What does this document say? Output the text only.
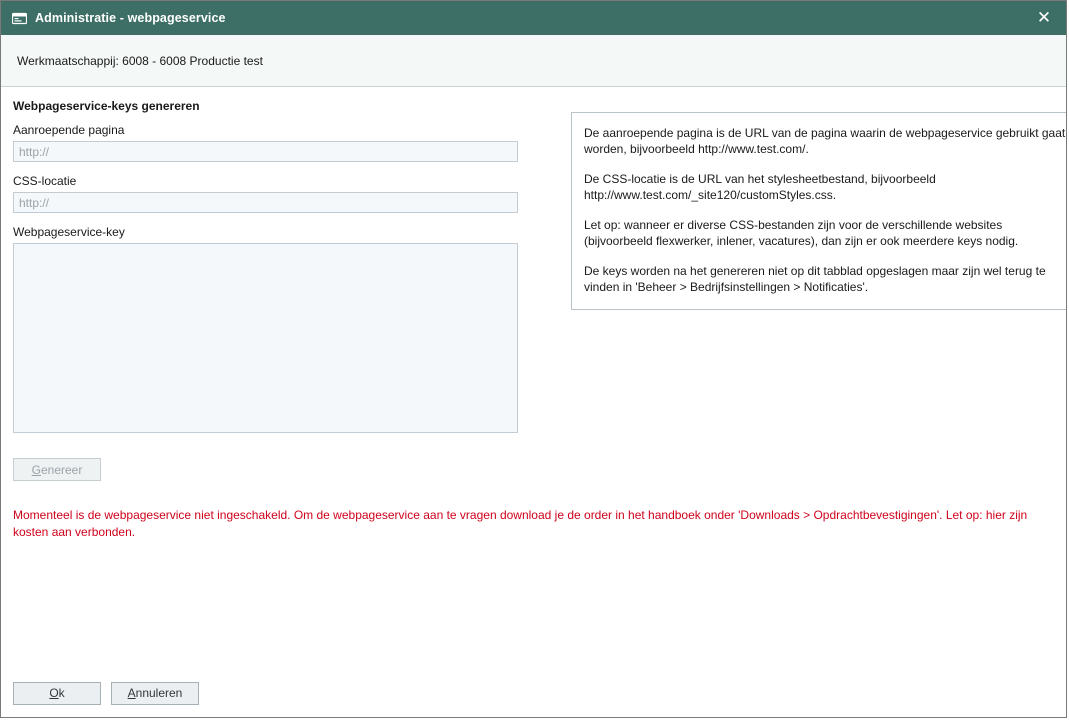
Administratie - webpageservice	✕
Werkmaatschappij: 6008 - 6008 Productie test
Webpageservice-keys genereren
Aanroepende pagina
http://
CSS-locatie
http://
Webpageservice-key
Genereer

De aanroepende pagina is de URL van de pagina waarin de webpageservice gebruikt gaat worden, bijvoorbeeld http://www.test.com/.

De CSS-locatie is de URL van het stylesheetbestand, bijvoorbeeld http://www.test.com/_site120/customStyles.css.

Let op: wanneer er diverse CSS-bestanden zijn voor de verschillende websites (bijvoorbeeld flexwerker, inlener, vacatures), dan zijn er ook meerdere keys nodig.

De keys worden na het genereren niet op dit tabblad opgeslagen maar zijn wel terug te vinden in 'Beheer > Bedrijfsinstellingen > Notificaties'.

Momenteel is de webpageservice niet ingeschakeld. Om de webpageservice aan te vragen download je de order in het handboek onder 'Downloads > Opdrachtbevestigingen'. Let op: hier zijn kosten aan verbonden.
Ok	Annuleren
